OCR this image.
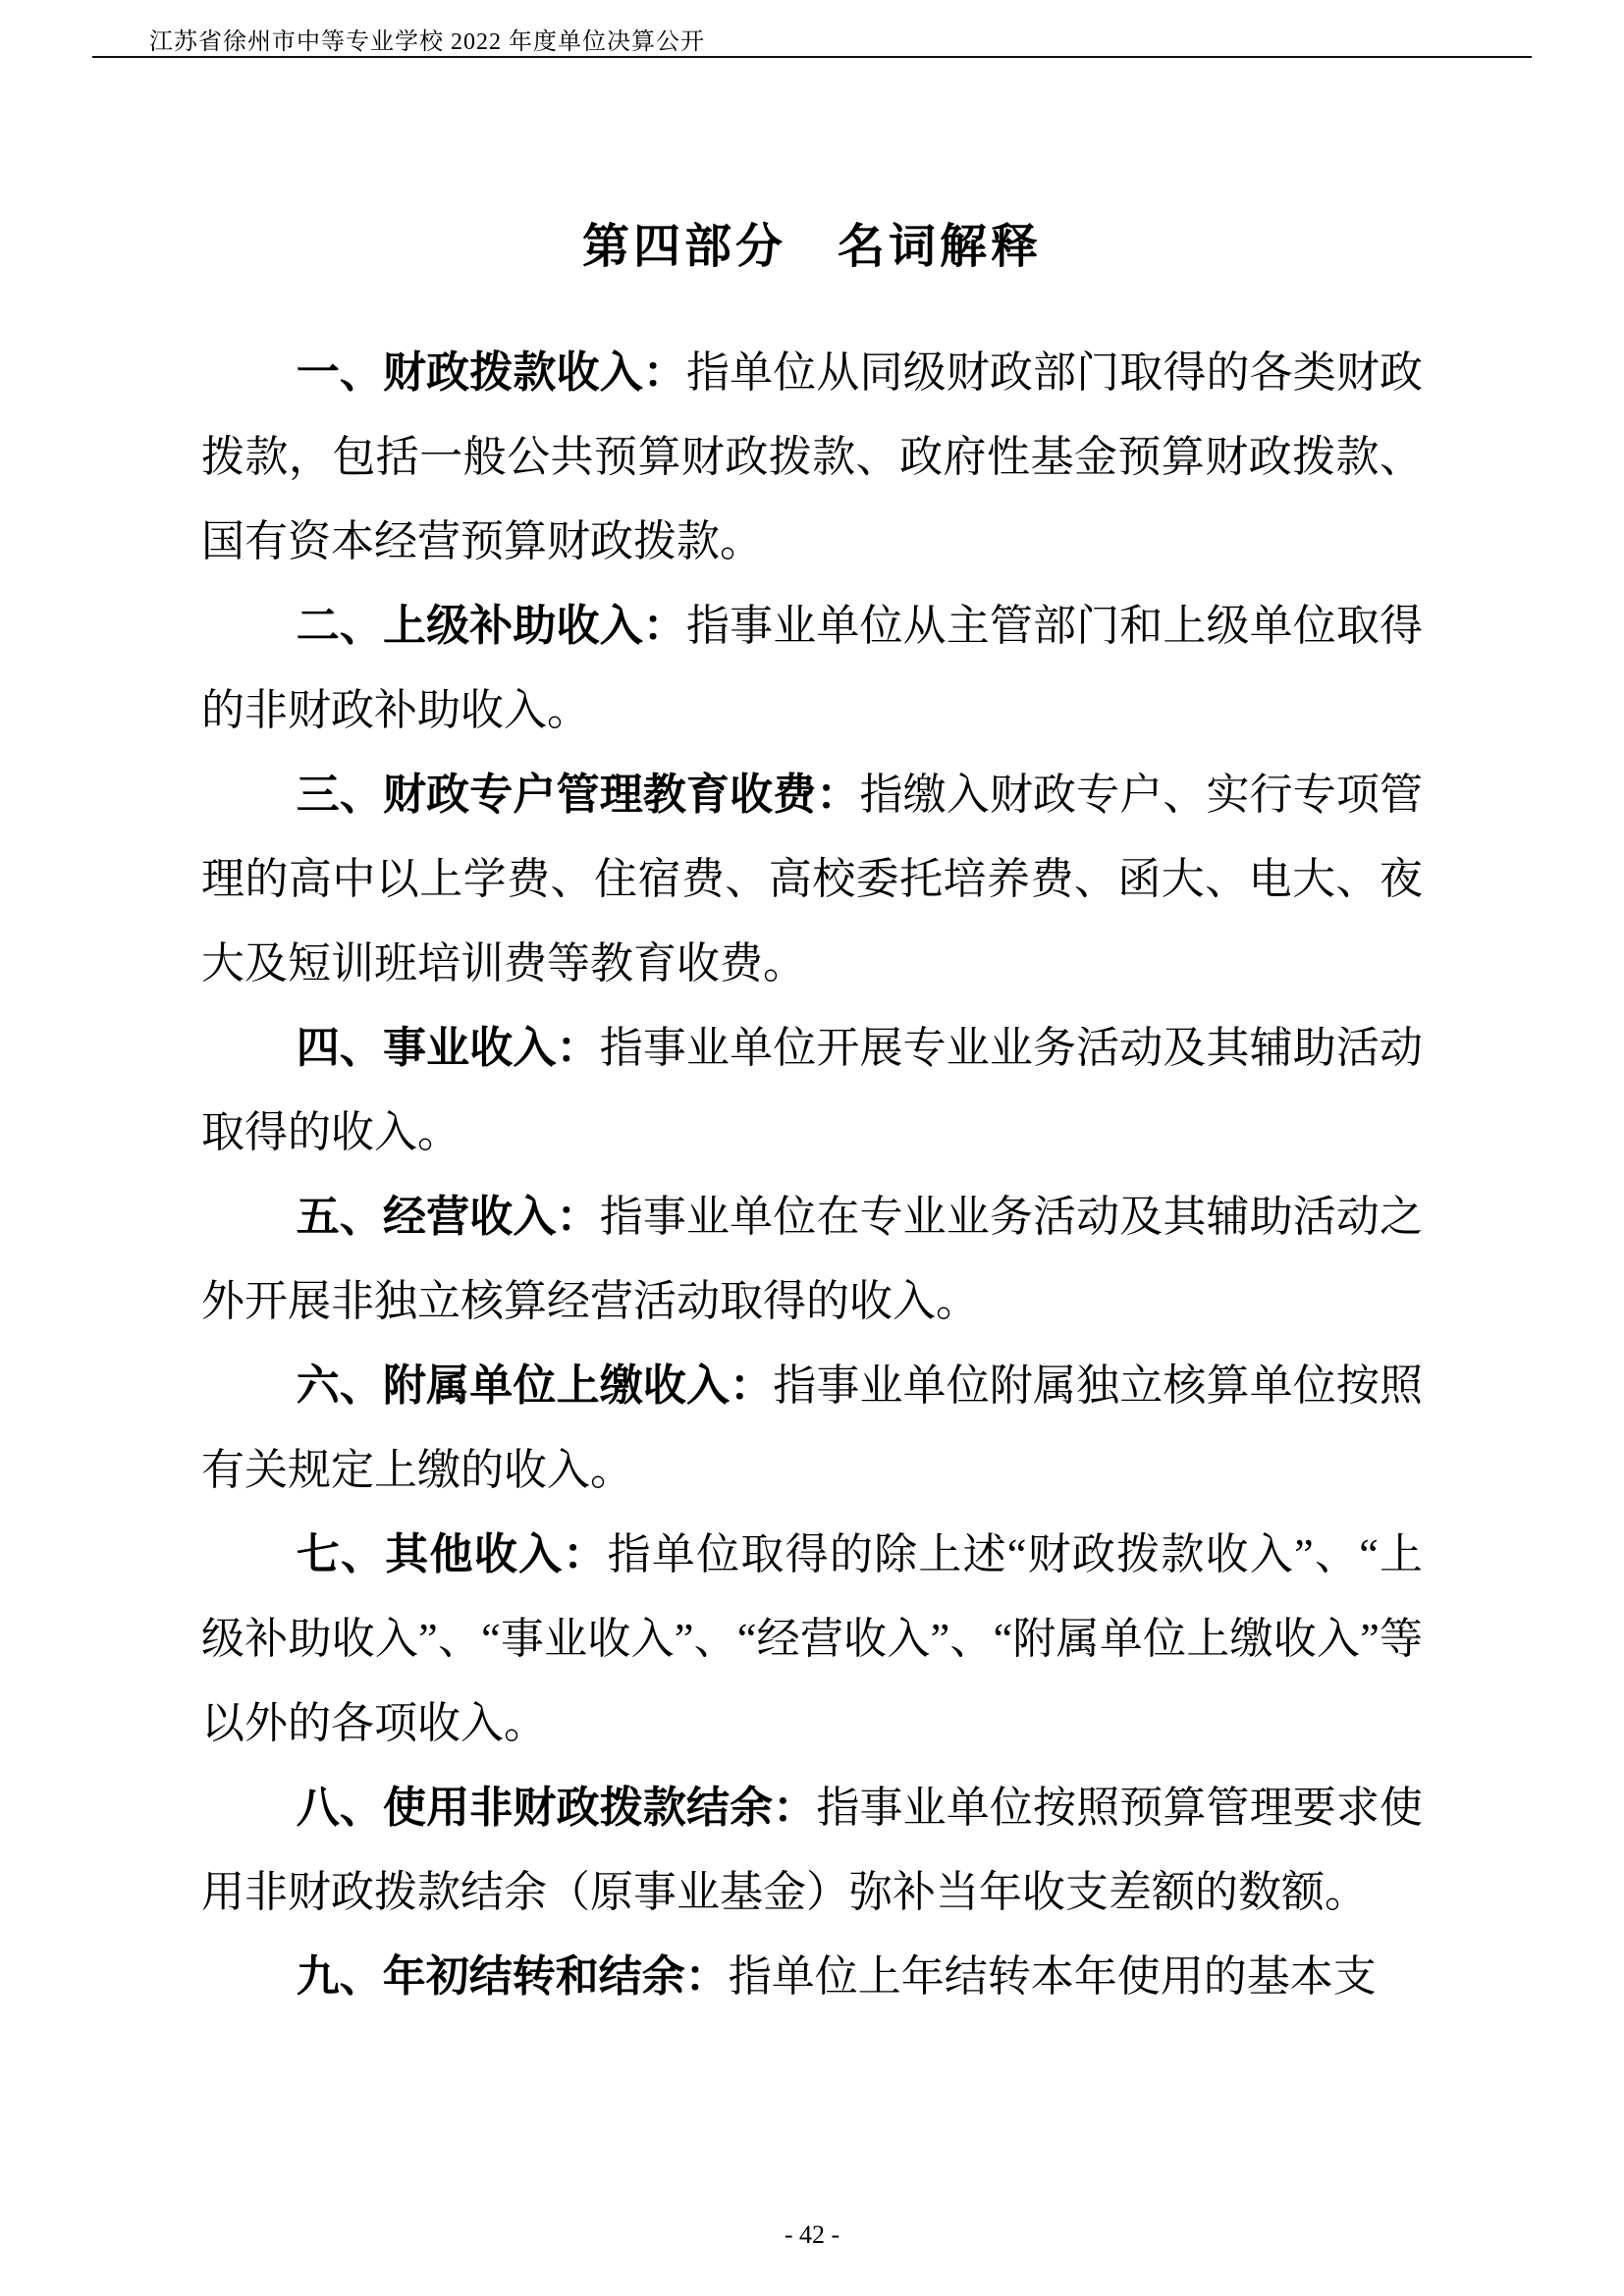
江苏省徐州市中等专业学校 2022 年度单位决算公开
第四部分　名词解释

一、财政拨款收入：指单位从同级财政部门取得的各类财政拨款，包括一般公共预算财政拨款、政府性基金预算财政拨款、国有资本经营预算财政拨款。

二、上级补助收入：指事业单位从主管部门和上级单位取得的非财政补助收入。

三、财政专户管理教育收费：指缴入财政专户、实行专项管理的高中以上学费、住宿费、高校委托培养费、函大、电大、夜大及短训班培训费等教育收费。

四、事业收入：指事业单位开展专业业务活动及其辅助活动取得的收入。

五、经营收入：指事业单位在专业业务活动及其辅助活动之外开展非独立核算经营活动取得的收入。

六、附属单位上缴收入：指事业单位附属独立核算单位按照有关规定上缴的收入。

七、其他收入：指单位取得的除上述“财政拨款收入”、“上级补助收入”、“事业收入”、“经营收入”、“附属单位上缴收入”等以外的各项收入。

八、使用非财政拨款结余：指事业单位按照预算管理要求使用非财政拨款结余（原事业基金）弥补当年收支差额的数额。

九、年初结转和结余：指单位上年结转本年使用的基本支

- 42 -
